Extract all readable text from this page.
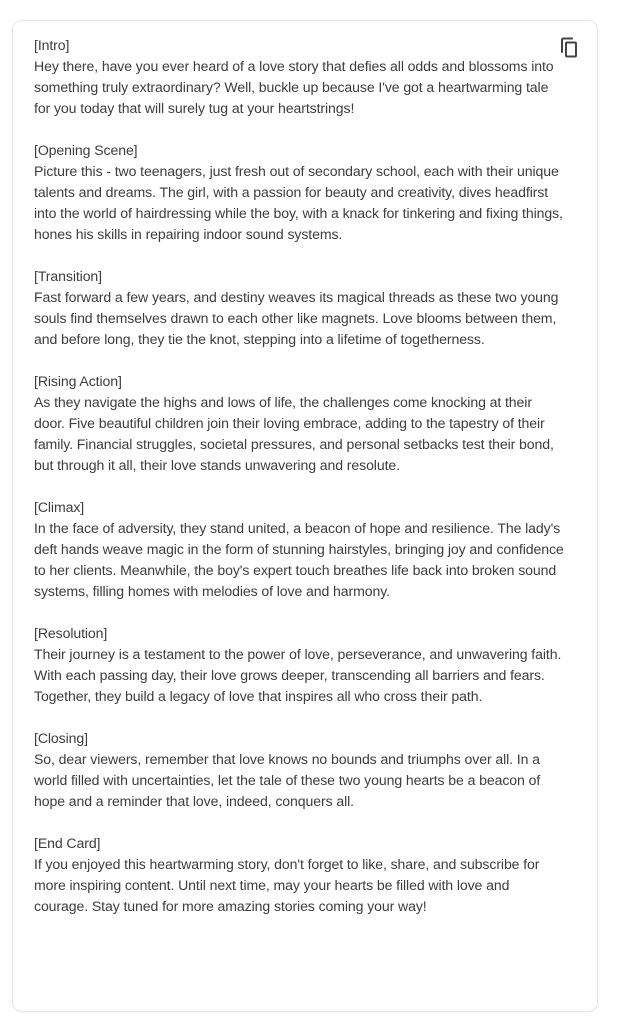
[Intro]
Hey there, have you ever heard of a love story that defies all odds and blossoms into something truly extraordinary? Well, buckle up because I've got a heartwarming tale for you today that will surely tug at your heartstrings!
[Opening Scene]
Picture this - two teenagers, just fresh out of secondary school, each with their unique talents and dreams. The girl, with a passion for beauty and creativity, dives headfirst into the world of hairdressing while the boy, with a knack for tinkering and fixing things, hones his skills in repairing indoor sound systems.
[Transition]
Fast forward a few years, and destiny weaves its magical threads as these two young souls find themselves drawn to each other like magnets. Love blooms between them, and before long, they tie the knot, stepping into a lifetime of togetherness.
[Rising Action]
As they navigate the highs and lows of life, the challenges come knocking at their door. Five beautiful children join their loving embrace, adding to the tapestry of their family. Financial struggles, societal pressures, and personal setbacks test their bond, but through it all, their love stands unwavering and resolute.
[Climax]
In the face of adversity, they stand united, a beacon of hope and resilience. The lady's deft hands weave magic in the form of stunning hairstyles, bringing joy and confidence to her clients. Meanwhile, the boy's expert touch breathes life back into broken sound systems, filling homes with melodies of love and harmony.
[Resolution]
Their journey is a testament to the power of love, perseverance, and unwavering faith. With each passing day, their love grows deeper, transcending all barriers and fears. Together, they build a legacy of love that inspires all who cross their path.
[Closing]
So, dear viewers, remember that love knows no bounds and triumphs over all. In a world filled with uncertainties, let the tale of these two young hearts be a beacon of hope and a reminder that love, indeed, conquers all.
[End Card]
If you enjoyed this heartwarming story, don't forget to like, share, and subscribe for more inspiring content. Until next time, may your hearts be filled with love and courage. Stay tuned for more amazing stories coming your way!
